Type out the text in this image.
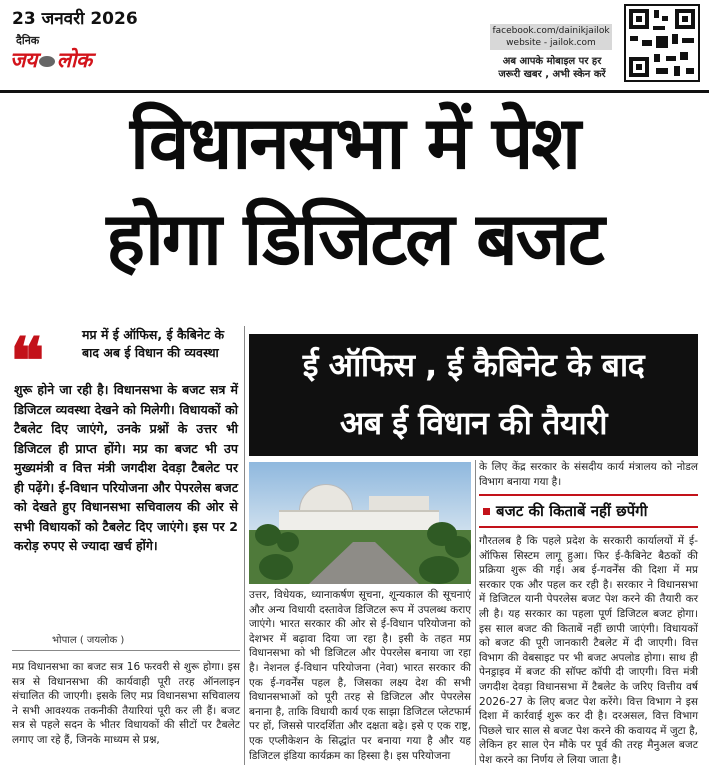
23 जनवरी 2026
दैनिक
जय लोक
facebook.com/dainikjailok
website - jailok.com
अब आपके मोबाइल पर हर
जरूरी खबर , अभी स्केन करें
विधानसभा में पेश
होगा डिजिटल बजट
❝	मप्र में ई ऑफिस, ई कैबिनेट के बाद अब ई विधान की व्यवस्था
शुरू होने जा रही है। विधानसभा के बजट सत्र में डिजिटल व्यवस्था देखने को मिलेगी। विधायकों को टैबलेट दिए जाएंगे, उनके प्रश्नों के उत्तर भी डिजिटल ही प्राप्त होंगे। मप्र का बजट भी उप मुख्यमंत्री व वित्त मंत्री जगदीश देवड़ा टैबलेट पर ही पढ़ेंगे। ई-विधान परियोजना और पेपरलेस बजट को देखते हुए विधानसभा सचिवालय की ओर से सभी विधायकों को टैबलेट दिए जाएंगे। इस पर 2 करोड़ रुपए से ज्यादा खर्च होंगे।
भोपाल ( जयलोक )
मप्र विधानसभा का बजट सत्र 16 फरवरी से शुरू होगा। इस सत्र से विधानसभा की कार्यवाही पूरी तरह ऑनलाइन संचालित की जाएगी। इसके लिए मप्र विधानसभा सचिवालय ने सभी आवश्यक तकनीकी तैयारियां पूरी कर ली हैं। बजट सत्र से पहले सदन के भीतर विधायकों की सीटों पर टैबलेट लगाए जा रहे हैं, जिनके माध्यम से प्रश्न,
ई ऑफिस , ई कैबिनेट के बाद
अब ई विधान की तैयारी
उत्तर, विधेयक, ध्यानाकर्षण सूचना, शून्यकाल की सूचनाएं और अन्य विधायी दस्तावेज डिजिटल रूप में उपलब्ध कराए जाएंगे। भारत सरकार की ओर से ई-विधान परियोजना को देशभर में बढ़ावा दिया जा रहा है। इसी के तहत मप्र विधानसभा को भी डिजिटल और पेपरलेस बनाया जा रहा है। नेशनल ई-विधान परियोजना (नेवा) भारत सरकार की एक ई-गवर्नेंस पहल है, जिसका लक्ष्य देश की सभी विधानसभाओं को पूरी तरह से डिजिटल और पेपरलेस बनाना है, ताकि विधायी कार्य एक साझा डिजिटल प्लेटफार्म पर हों, जिससे पारदर्शिता और दक्षता बढ़े। इसे ए एक राष्ट्र, एक एप्लीकेशन के सिद्धांत पर बनाया गया है और यह डिजिटल इंडिया कार्यक्रम का हिस्सा है। इस परियोजना
के लिए केंद्र सरकार के संसदीय कार्य मंत्रालय को नोडल विभाग बनाया गया है।
बजट की किताबें नहीं छपेंगी
गौरतलब है कि पहले प्रदेश के सरकारी कार्यालयों में ई-ऑफिस सिस्टम लागू हुआ। फिर ई-कैबिनेट बैठकों की प्रक्रिया शुरू की गई। अब ई-गवर्नेंस की दिशा में मप्र सरकार एक और पहल कर रही है। सरकार ने विधानसभा में डिजिटल यानी पेपरलेस बजट पेश करने की तैयारी कर ली है। यह सरकार का पहला पूर्ण डिजिटल बजट होगा। इस साल बजट की किताबें नहीं छापी जाएंगी। विधायकों को बजट की पूरी जानकारी टैबलेट में दी जाएगी। वित्त विभाग की वेबसाइट पर भी बजट अपलोड होगा। साथ ही पेनड्राइव में बजट की सॉफ्ट कॉपी दी जाएगी। वित्त मंत्री जगदीश देवड़ा विधानसभा में टैबलेट के जरिए वित्तीय वर्ष 2026-27 के लिए बजट पेश करेंगे। वित्त विभाग ने इस दिशा में कार्रवाई शुरू कर दी है। दरअसल, वित्त विभाग पिछले चार साल से बजट पेश करने की कवायद में जुटा है, लेकिन हर साल ऐन मौके पर पूर्व की तरह मैनुअल बजट पेश करने का निर्णय ले लिया जाता है।
